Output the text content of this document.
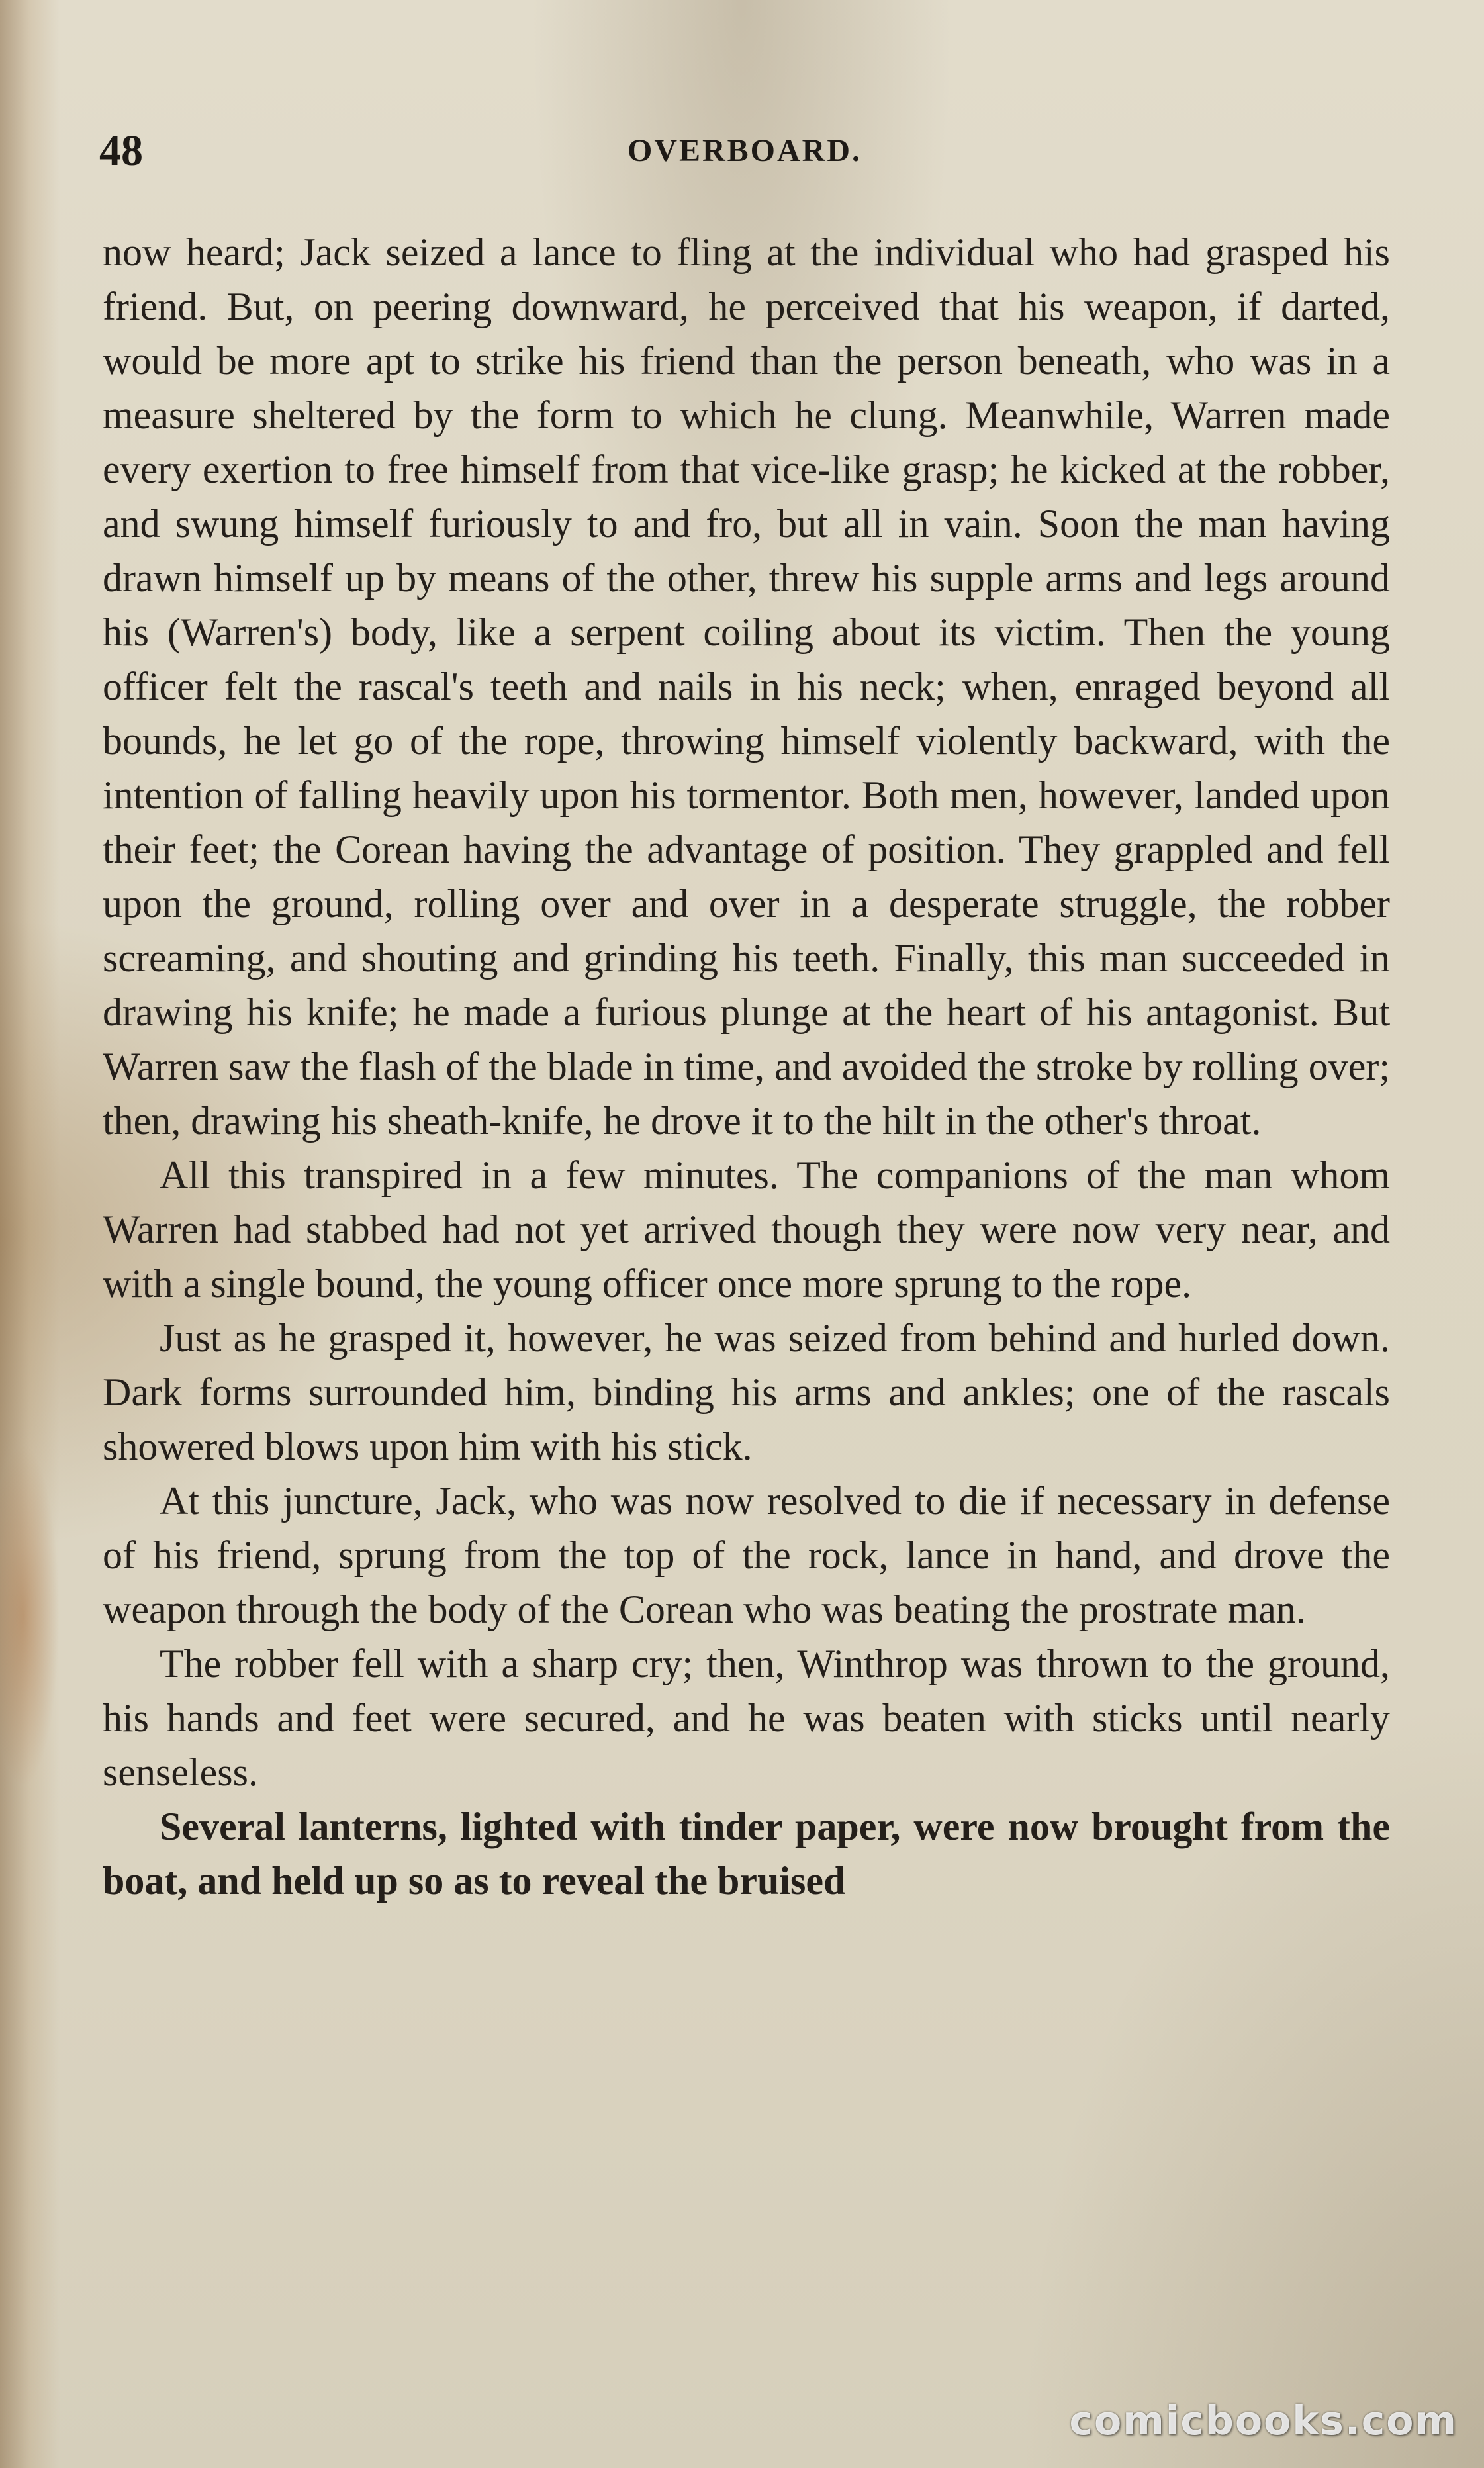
48	OVERBOARD.

now heard; Jack seized a lance to fling at the individual who had grasped his friend. But, on peering downward, he perceived that his weapon, if darted, would be more apt to strike his friend than the person beneath, who was in a measure sheltered by the form to which he clung. Meanwhile, Warren made every exertion to free himself from that vice-like grasp; he kicked at the robber, and swung himself furiously to and fro, but all in vain. Soon the man having drawn himself up by means of the other, threw his supple arms and legs around his (Warren's) body, like a serpent coiling about its victim. Then the young officer felt the rascal's teeth and nails in his neck; when, enraged beyond all bounds, he let go of the rope, throwing himself violently backward, with the intention of falling heavily upon his tormentor. Both men, however, landed upon their feet; the Corean having the advantage of position. They grappled and fell upon the ground, rolling over and over in a desperate struggle, the robber screaming, and shouting and grinding his teeth. Finally, this man succeeded in drawing his knife; he made a furious plunge at the heart of his antagonist. But Warren saw the flash of the blade in time, and avoided the stroke by rolling over; then, drawing his sheath-knife, he drove it to the hilt in the other's throat.

All this transpired in a few minutes. The companions of the man whom Warren had stabbed had not yet arrived though they were now very near, and with a single bound, the young officer once more sprung to the rope.

Just as he grasped it, however, he was seized from behind and hurled down. Dark forms surrounded him, binding his arms and ankles; one of the rascals showered blows upon him with his stick.

At this juncture, Jack, who was now resolved to die if necessary in defense of his friend, sprung from the top of the rock, lance in hand, and drove the weapon through the body of the Corean who was beating the prostrate man.

The robber fell with a sharp cry; then, Winthrop was thrown to the ground, his hands and feet were secured, and he was beaten with sticks until nearly senseless.

Several lanterns, lighted with tinder paper, were now brought from the boat, and held up so as to reveal the bruised

comicbooks.com
